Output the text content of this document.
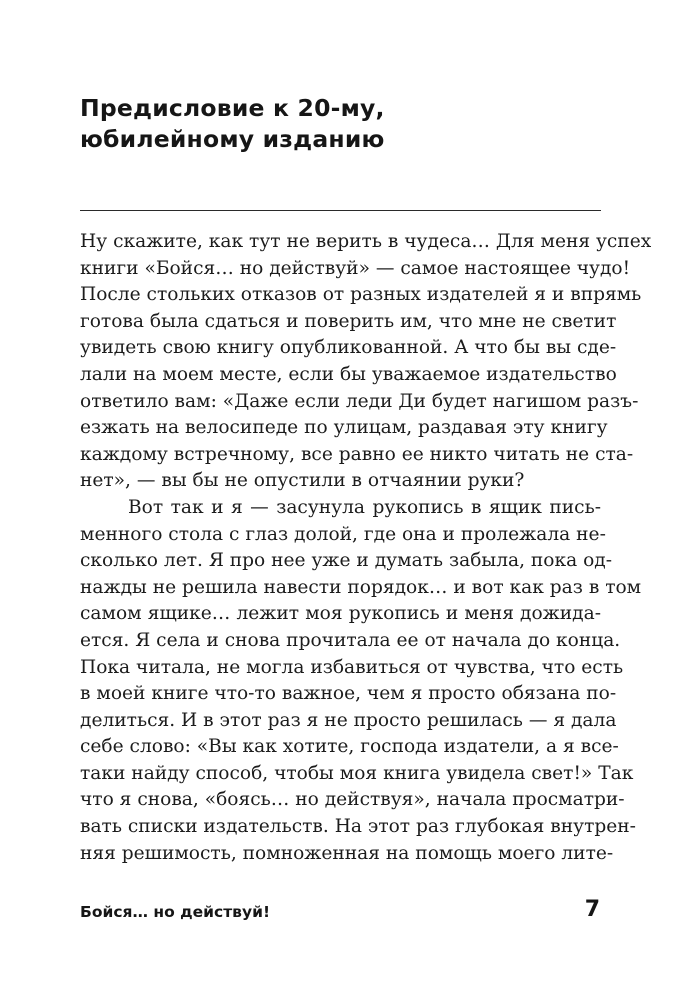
Предисловие к 20-му,
юбилейному изданию
Ну скажите, как тут не верить в чудеса… Для меня успех
книги «Бойся… но действуй» — самое настоящее чудо!
После стольких отказов от разных издателей я и впрямь
готова была сдаться и поверить им, что мне не светит
увидеть свою книгу опубликованной. А что бы вы сде-
лали на моем месте, если бы уважаемое издательство
ответило вам: «Даже если леди Ди будет нагишом разъ-
езжать на велосипеде по улицам, раздавая эту книгу
каждому встречному, все равно ее никто читать не ста-
нет», — вы бы не опустили в отчаянии руки?
Вот так и я — засунула рукопись в ящик пись-
менного стола с глаз долой, где она и пролежала не-
сколько лет. Я про нее уже и думать забыла, пока од-
нажды не решила навести порядок… и вот как раз в том
самом ящике… лежит моя рукопись и меня дожида-
ется. Я села и снова прочитала ее от начала до конца.
Пока читала, не могла избавиться от чувства, что есть
в моей книге что-то важное, чем я просто обязана по-
делиться. И в этот раз я не просто решилась — я дала
себе слово: «Вы как хотите, господа издатели, а я все-
таки найду способ, чтобы моя книга увидела свет!» Так
что я снова, «боясь… но действуя», начала просматри-
вать списки издательств. На этот раз глубокая внутрен-
няя решимость, помноженная на помощь моего лите-
Бойся… но действуй!	7
